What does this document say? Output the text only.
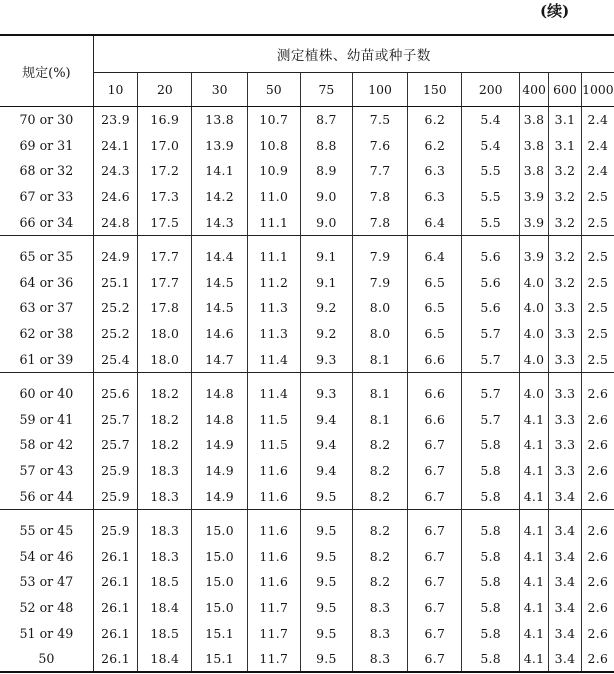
(续)
规定(%)	测定植株、幼苗或种子数										
	10	20	30	50	75	100	150	200	400	600	1000
70 or 30	23.9	16.9	13.8	10.7	8.7	7.5	6.2	5.4	3.8	3.1	2.4
69 or 31	24.1	17.0	13.9	10.8	8.8	7.6	6.2	5.4	3.8	3.1	2.4
68 or 32	24.3	17.2	14.1	10.9	8.9	7.7	6.3	5.5	3.8	3.2	2.4
67 or 33	24.6	17.3	14.2	11.0	9.0	7.8	6.3	5.5	3.9	3.2	2.5
66 or 34	24.8	17.5	14.3	11.1	9.0	7.8	6.4	5.5	3.9	3.2	2.5
65 or 35	24.9	17.7	14.4	11.1	9.1	7.9	6.4	5.6	3.9	3.2	2.5
64 or 36	25.1	17.7	14.5	11.2	9.1	7.9	6.5	5.6	4.0	3.2	2.5
63 or 37	25.2	17.8	14.5	11.3	9.2	8.0	6.5	5.6	4.0	3.3	2.5
62 or 38	25.2	18.0	14.6	11.3	9.2	8.0	6.5	5.7	4.0	3.3	2.5
61 or 39	25.4	18.0	14.7	11.4	9.3	8.1	6.6	5.7	4.0	3.3	2.5
60 or 40	25.6	18.2	14.8	11.4	9.3	8.1	6.6	5.7	4.0	3.3	2.6
59 or 41	25.7	18.2	14.8	11.5	9.4	8.1	6.6	5.7	4.1	3.3	2.6
58 or 42	25.7	18.2	14.9	11.5	9.4	8.2	6.7	5.8	4.1	3.3	2.6
57 or 43	25.9	18.3	14.9	11.6	9.4	8.2	6.7	5.8	4.1	3.3	2.6
56 or 44	25.9	18.3	14.9	11.6	9.5	8.2	6.7	5.8	4.1	3.4	2.6
55 or 45	25.9	18.3	15.0	11.6	9.5	8.2	6.7	5.8	4.1	3.4	2.6
54 or 46	26.1	18.3	15.0	11.6	9.5	8.2	6.7	5.8	4.1	3.4	2.6
53 or 47	26.1	18.5	15.0	11.6	9.5	8.2	6.7	5.8	4.1	3.4	2.6
52 or 48	26.1	18.4	15.0	11.7	9.5	8.3	6.7	5.8	4.1	3.4	2.6
51 or 49	26.1	18.5	15.1	11.7	9.5	8.3	6.7	5.8	4.1	3.4	2.6
50	26.1	18.4	15.1	11.7	9.5	8.3	6.7	5.8	4.1	3.4	2.6
